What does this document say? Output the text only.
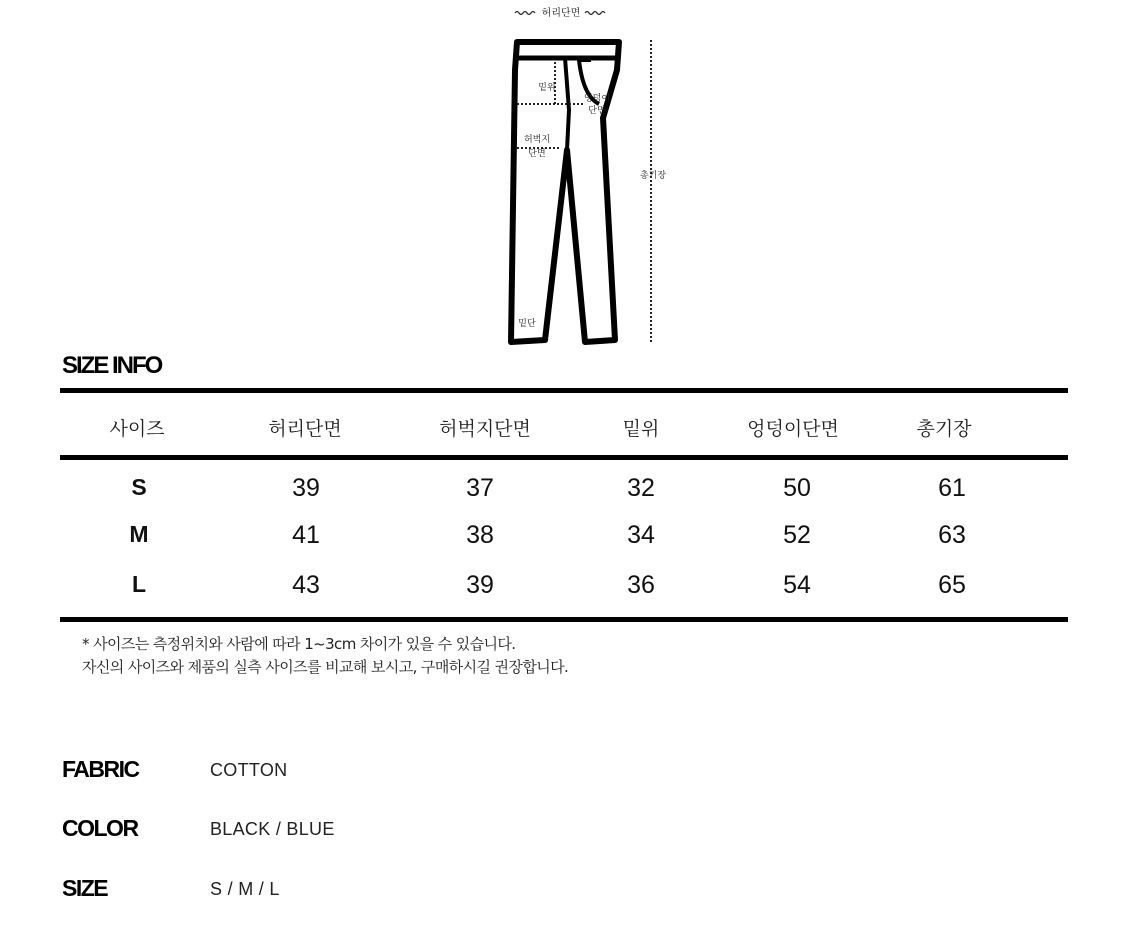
허리단면
밑위
엉덩이
단면
허벅지
단면
밑단
총기장
SIZE INFO
사이즈	허리단면	허벅지단면	밑위	엉덩이단면	총기장
S	39	37	32	50	61
M	41	38	34	52	63
L	43	39	36	54	65
* 사이즈는 측정위치와 사람에 따라 1~3cm 차이가 있을 수 있습니다.
자신의 사이즈와 제품의 실측 사이즈를 비교해 보시고, 구매하시길 권장합니다.
FABRIC	COTTON
COLOR	BLACK / BLUE
SIZE	S / M / L
